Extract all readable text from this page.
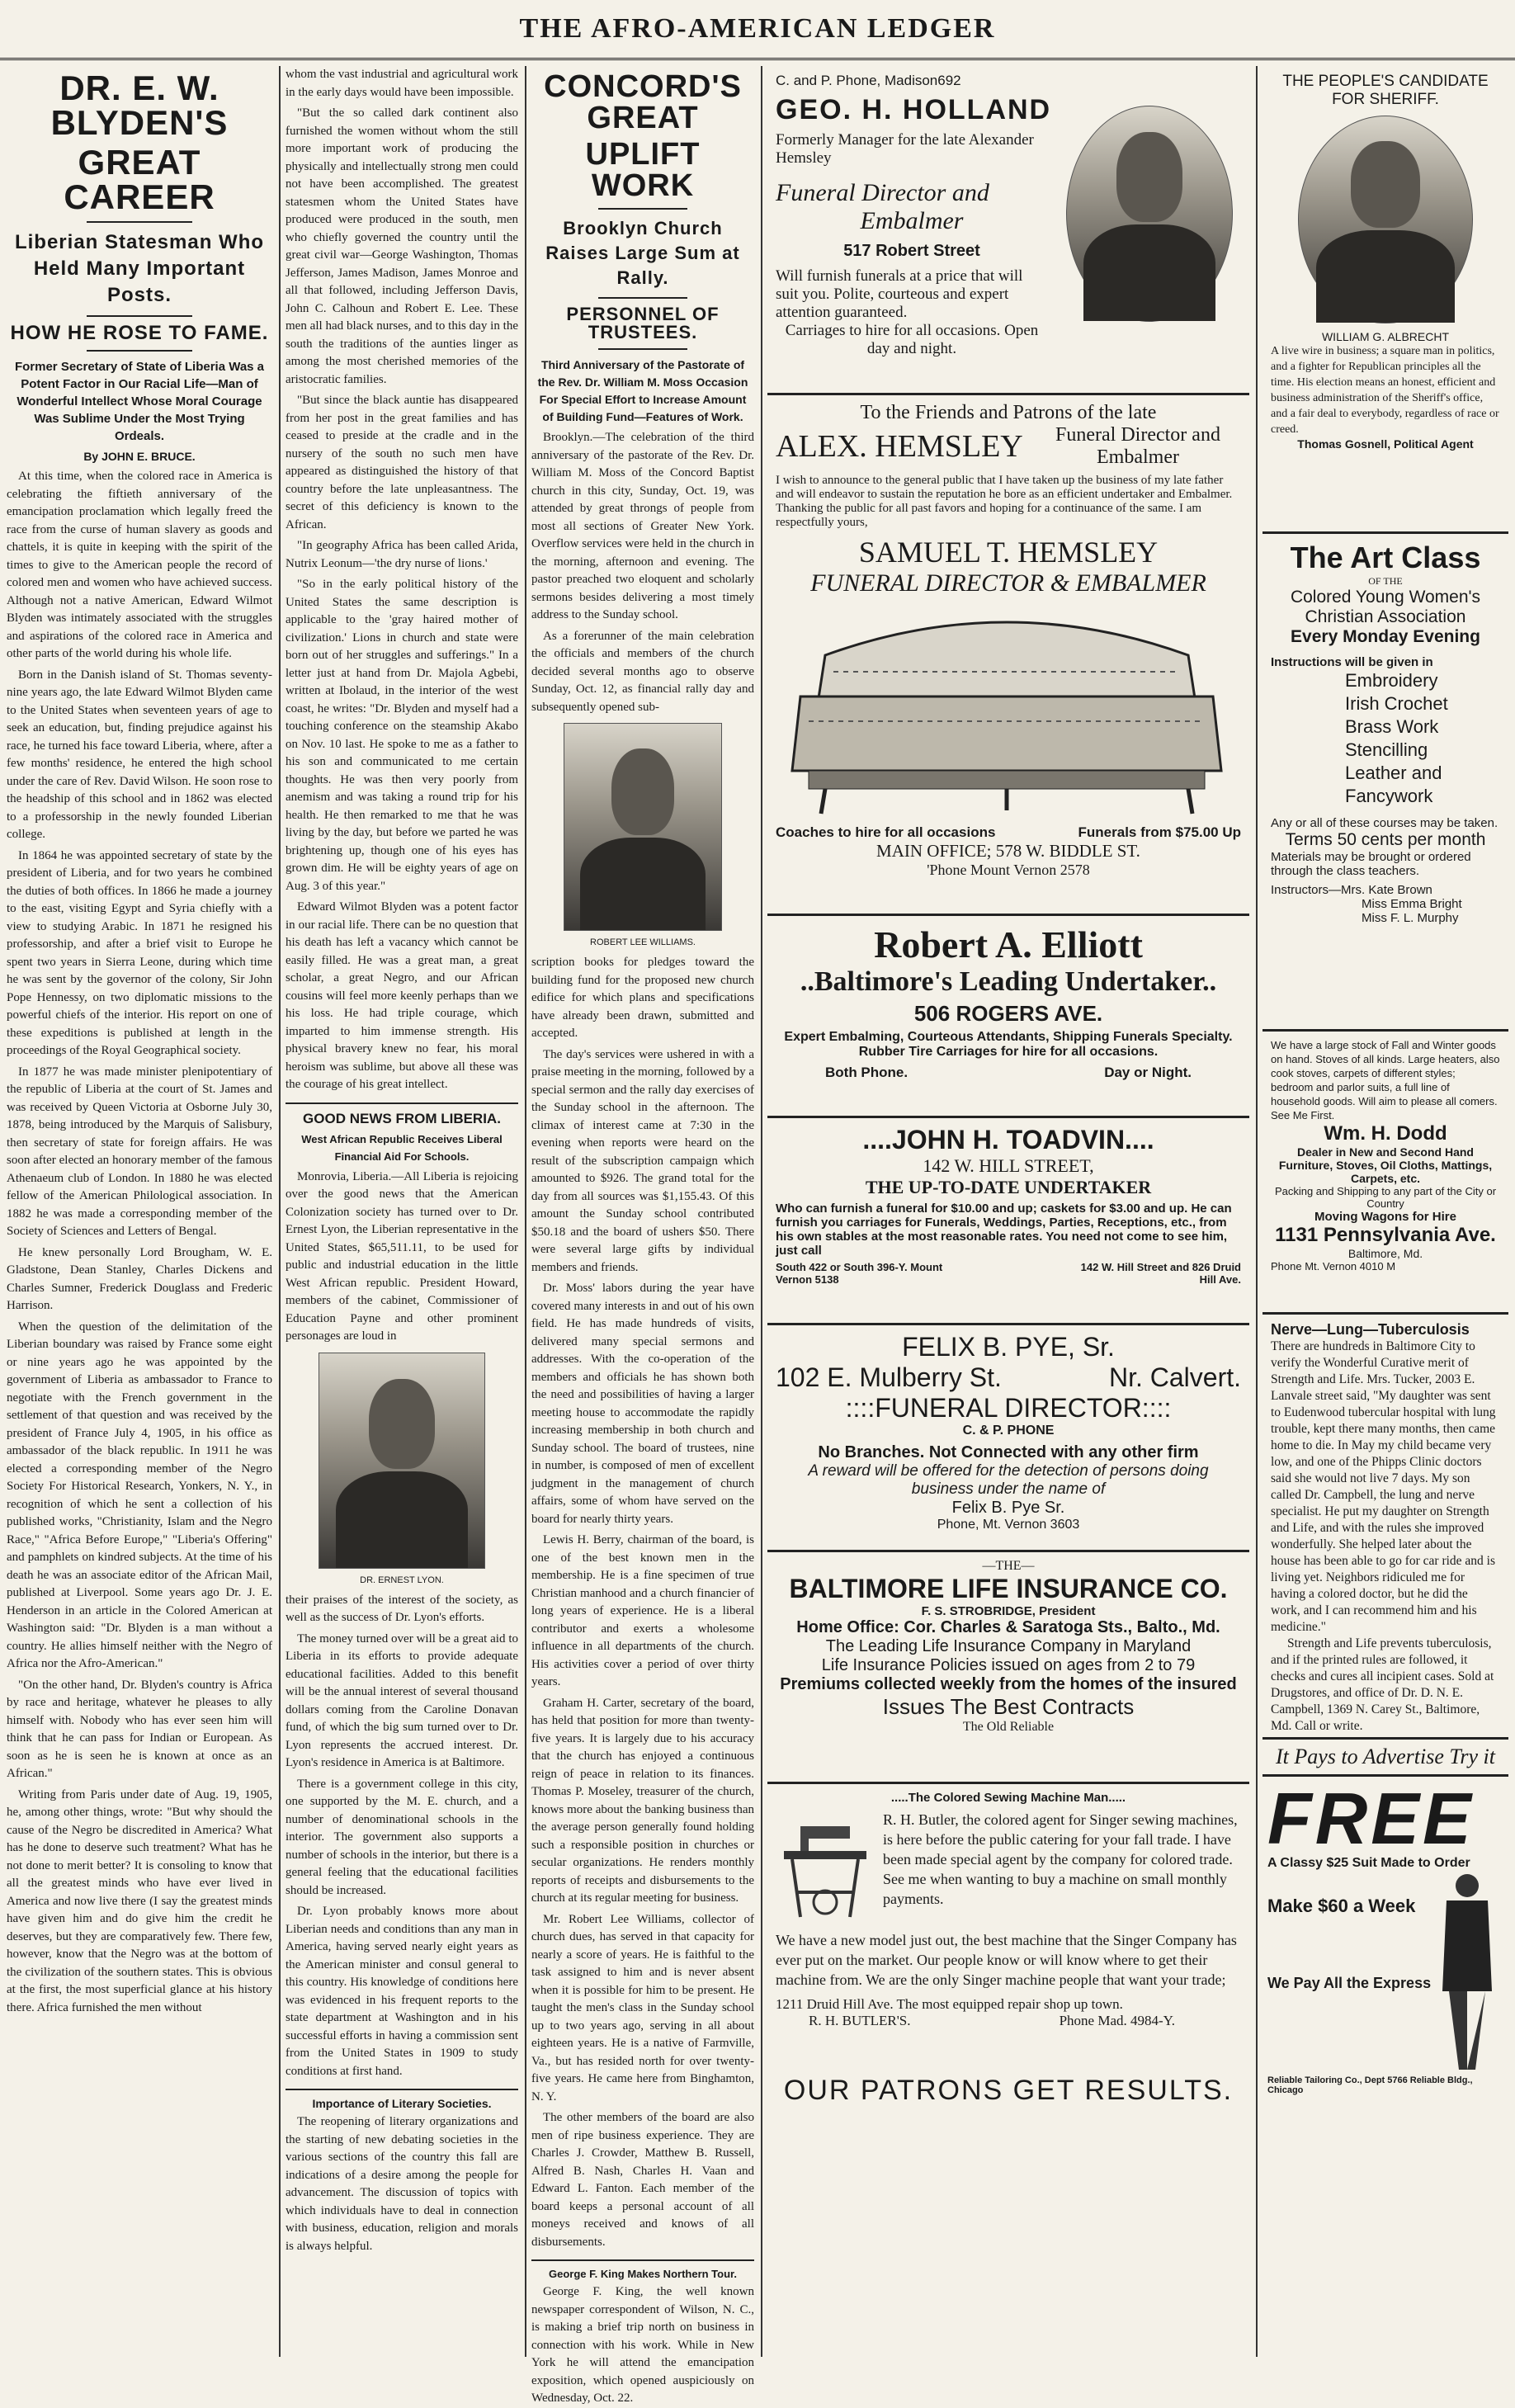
THE AFRO-AMERICAN LEDGER
DR. E. W. BLYDEN'S
GREAT CAREER
Liberian Statesman Who Held Many Important Posts.
HOW HE ROSE TO FAME.
Former Secretary of State of Liberia Was a Potent Factor in Our Racial Life—Man of Wonderful Intellect Whose Moral Courage Was Sublime Under the Most Trying Ordeals.
By JOHN E. BRUCE.

At this time, when the colored race in America is celebrating the fiftieth anniversary of the emancipation proclamation which legally freed the race from the curse of human slavery as goods and chattels, it is quite in keeping with the spirit of the times to give to the American people the record of colored men and women who have achieved success. Although not a native American, Edward Wilmot Blyden was intimately associated with the struggles and aspirations of the colored race in America and other parts of the world during his whole life.

Born in the Danish island of St. Thomas seventy-nine years ago, the late Edward Wilmot Blyden came to the United States when seventeen years of age to seek an education, but, finding prejudice against his race, he turned his face toward Liberia, where, after a few months' residence, he entered the high school under the care of Rev. David Wilson. He soon rose to the headship of this school and in 1862 was elected to a professorship in the newly founded Liberian college.

In 1864 he was appointed secretary of state by the president of Liberia, and for two years he combined the duties of both offices. In 1866 he made a journey to the east, visiting Egypt and Syria chiefly with a view to studying Arabic. In 1871 he resigned his professorship, and after a brief visit to Europe he spent two years in Sierra Leone, during which time he was sent by the governor of the colony, Sir John Pope Hennessy, on two diplomatic missions to the powerful chiefs of the interior. His report on one of these expeditions is published at length in the proceedings of the Royal Geographical society.

In 1877 he was made minister plenipotentiary of the republic of Liberia at the court of St. James and was received by Queen Victoria at Osborne July 30, 1878, being introduced by the Marquis of Salisbury, then secretary of state for foreign affairs. He was soon after elected an honorary member of the famous Athenaeum club of London. In 1880 he was elected fellow of the American Philological association. In 1882 he was made a corresponding member of the Society of Sciences and Letters of Bengal.

He knew personally Lord Brougham, W. E. Gladstone, Dean Stanley, Charles Dickens and Charles Sumner, Frederick Douglass and Frederic Harrison.

When the question of the delimitation of the Liberian boundary was raised by France some eight or nine years ago he was appointed by the government of Liberia as ambassador to France to negotiate with the French government in the settlement of that question and was received by the president of France July 4, 1905, in his office as ambassador of the black republic. In 1911 he was elected a corresponding member of the Negro Society For Historical Research, Yonkers, N. Y., in recognition of which he sent a collection of his published works, "Christianity, Islam and the Negro Race," "Africa Before Europe," "Liberia's Offering" and pamphlets on kindred subjects. At the time of his death he was an associate editor of the African Mail, published at Liverpool. Some years ago Dr. J. E. Henderson in an article in the Colored American at Washington said: "Dr. Blyden is a man without a country. He allies himself neither with the Negro of Africa nor the Afro-American."

"On the other hand, Dr. Blyden's country is Africa by race and heritage, whatever he pleases to ally himself with. Nobody who has ever seen him will think that he can pass for Indian or European. As soon as he is seen he is known at once as an African."

Writing from Paris under date of Aug. 19, 1905, he, among other things, wrote: "But why should the cause of the Negro be discredited in America? What has he done to deserve such treatment? What has he not done to merit better? It is consoling to know that all the greatest minds who have ever lived in America and now live there (I say the greatest minds have given him and do give him the credit he deserves, but they are comparatively few. There few, however, know that the Negro was at the bottom of the civilization of the southern states. This is obvious at the first, the most superficial glance at his history there. Africa furnished the men without

whom the vast industrial and agricultural work in the early days would have been impossible.

"But the so called dark continent also furnished the women without whom the still more important work of producing the physically and intellectually strong men could not have been accomplished. The greatest statesmen whom the United States have produced were produced in the south, men who chiefly governed the country until the great civil war—George Washington, Thomas Jefferson, James Madison, James Monroe and all that followed, including Jefferson Davis, John C. Calhoun and Robert E. Lee. These men all had black nurses, and to this day in the south the traditions of the aunties linger as among the most cherished memories of the aristocratic families.

"But since the black auntie has disappeared from her post in the great families and has ceased to preside at the cradle and in the nursery of the south no such men have appeared as distinguished the history of that country before the late unpleasantness. The secret of this deficiency is known to the African.

"In geography Africa has been called Arida, Nutrix Leonum—'the dry nurse of lions.'

"So in the early political history of the United States the same description is applicable to the 'gray haired mother of civilization.' Lions in church and state were born out of her struggles and sufferings." In a letter just at hand from Dr. Majola Agbebi, written at Ibolaud, in the interior of the west coast, he writes: "Dr. Blyden and myself had a touching conference on the steamship Akabo on Nov. 10 last. He spoke to me as a father to his son and communicated to me certain thoughts. He was then very poorly from anemism and was taking a round trip for his health. He then remarked to me that he was living by the day, but before we parted he was brightening up, though one of his eyes has grown dim. He will be eighty years of age on Aug. 3 of this year."

Edward Wilmot Blyden was a potent factor in our racial life. There can be no question that his death has left a vacancy which cannot be easily filled. He was a great man, a great scholar, a great Negro, and our African cousins will feel more keenly perhaps than we his loss. He had triple courage, which imparted to him immense strength. His physical bravery knew no fear, his moral heroism was sublime, but above all these was the courage of his great intellect.

GOOD NEWS FROM LIBERIA.
West African Republic Receives Liberal Financial Aid For Schools.

Monrovia, Liberia.—All Liberia is rejoicing over the good news that the American Colonization society has turned over to Dr. Ernest Lyon, the Liberian representative in the United States, $65,511.11, to be used for public and industrial education in the little West African republic. President Howard, members of the cabinet, Commissioner of Education Payne and other prominent personages are loud in

DR. ERNEST LYON.

their praises of the interest of the society, as well as the success of Dr. Lyon's efforts.

The money turned over will be a great aid to Liberia in its efforts to provide adequate educational facilities. Added to this benefit will be the annual interest of several thousand dollars coming from the Caroline Donavan fund, of which the big sum turned over to Dr. Lyon represents the accrued interest. Dr. Lyon's residence in America is at Baltimore.

There is a government college in this city, one supported by the M. E. church, and a number of denominational schools in the interior. The government also supports a number of schools in the interior, but there is a general feeling that the educational facilities should be increased.

Dr. Lyon probably knows more about Liberian needs and conditions than any man in America, having served nearly eight years as the American minister and consul general to this country. His knowledge of conditions here was evidenced in his frequent reports to the state department at Washington and in his successful efforts in having a commission sent from the United States in 1909 to study conditions at first hand.

Importance of Literary Societies.

The reopening of literary organizations and the starting of new debating societies in the various sections of the country this fall are indications of a desire among the people for advancement. The discussion of topics with which individuals have to deal in connection with business, education, religion and morals is always helpful.

CONCORD'S GREAT
UPLIFT WORK
Brooklyn Church Raises Large Sum at Rally.
PERSONNEL OF TRUSTEES.
Third Anniversary of the Pastorate of the Rev. Dr. William M. Moss Occasion For Special Effort to Increase Amount of Building Fund—Features of Work.

Brooklyn.—The celebration of the third anniversary of the pastorate of the Rev. Dr. William M. Moss of the Concord Baptist church in this city, Sunday, Oct. 19, was attended by great throngs of people from most all sections of Greater New York. Overflow services were held in the church in the morning, afternoon and evening. The pastor preached two eloquent and scholarly sermons besides delivering a most timely address to the Sunday school.

As a forerunner of the main celebration the officials and members of the church decided several months ago to observe Sunday, Oct. 12, as financial rally day and subsequently opened sub-

ROBERT LEE WILLIAMS.

scription books for pledges toward the building fund for the proposed new church edifice for which plans and specifications have already been drawn, submitted and accepted.

The day's services were ushered in with a praise meeting in the morning, followed by a special sermon and the rally day exercises of the Sunday school in the afternoon. The climax of interest came at 7:30 in the evening when reports were heard on the result of the subscription campaign which amounted to $926. The grand total for the day from all sources was $1,155.43. Of this amount the Sunday school contributed $50.18 and the board of ushers $50. There were several large gifts by individual members and friends.

Dr. Moss' labors during the year have covered many interests in and out of his own field. He has made hundreds of visits, delivered many special sermons and addresses. With the co-operation of the members and officials he has shown both the need and possibilities of having a larger meeting house to accommodate the rapidly increasing membership in both church and Sunday school. The board of trustees, nine in number, is composed of men of excellent judgment in the management of church affairs, some of whom have served on the board for nearly thirty years.

Lewis H. Berry, chairman of the board, is one of the best known men in the membership. He is a fine specimen of true Christian manhood and a church financier of long years of experience. He is a liberal contributor and exerts a wholesome influence in all departments of the church. His activities cover a period of over thirty years.

Graham H. Carter, secretary of the board, has held that position for more than twenty-five years. It is largely due to his accuracy that the church has enjoyed a continuous reign of peace in relation to its finances. Thomas P. Moseley, treasurer of the church, knows more about the banking business than the average person generally found holding such a responsible position in churches or secular organizations. He renders monthly reports of receipts and disbursements to the church at its regular meeting for business.

Mr. Robert Lee Williams, collector of church dues, has served in that capacity for nearly a score of years. He is faithful to the task assigned to him and is never absent when it is possible for him to be present. He taught the men's class in the Sunday school up to two years ago, serving in all about eighteen years. He is a native of Farmville, Va., but has resided north for over twenty-five years. He came here from Binghamton, N. Y.

The other members of the board are also men of ripe business experience. They are Charles J. Crowder, Matthew B. Russell, Alfred B. Nash, Charles H. Vaan and Edward L. Fanton. Each member of the board keeps a personal account of all moneys received and knows of all disbursements.

George F. King Makes Northern Tour.

George F. King, the well known newspaper correspondent of Wilson, N. C., is making a brief trip north on business in connection with his work. While in New York he will attend the emancipation exposition, which opened auspiciously on Wednesday, Oct. 22.

C. and P. Phone, Madison692
GEO. H. HOLLAND
Formerly Manager for the late Alexander Hemsley
Funeral Director and
Embalmer
517 Robert Street
Will furnish funerals at a price that will suit you. Polite, courteous and expert attention guaranteed.
Carriages to hire for all occasions. Open day and night.
To the Friends and Patrons of the late
ALEX. HEMSLEY	Funeral Director and Embalmer
I wish to announce to the general public that I have taken up the business of my late father and will endeavor to sustain the reputation he bore as an efficient undertaker and Embalmer. Thanking the public for all past favors and hoping for a continuance of the same. I am respectfully yours,
SAMUEL T. HEMSLEY
FUNERAL DIRECTOR & EMBALMER
Coaches to hire for all occasions	Funerals from $75.00 Up
MAIN OFFICE; 578 W. BIDDLE ST.
'Phone Mount Vernon 2578
Robert A. Elliott
..Baltimore's Leading Undertaker..
506 ROGERS AVE.
Expert Embalming, Courteous Attendants, Shipping Funerals Specialty. Rubber Tire Carriages for hire for all occasions.
Both Phone.	Day or Night.
....JOHN H. TOADVIN....
142 W. HILL STREET,
THE UP-TO-DATE UNDERTAKER
Who can furnish a funeral for $10.00 and up; caskets for $3.00 and up. He can furnish you carriages for Funerals, Weddings, Parties, Receptions, etc., from his own stables at the most reasonable rates. You need not come to see him, just call
South 422 or South 396-Y. Mount Vernon 5138
142 W. Hill Street and 826 Druid Hill Ave.
FELIX B. PYE, Sr.
102 E. Mulberry St.	Nr. Calvert.
::::FUNERAL DIRECTOR::::
C. & P. PHONE
No Branches. Not Connected with any other firm
A reward will be offered for the detection of persons doing business under the name of
Felix B. Pye Sr.
Phone, Mt. Vernon 3603
—THE—
BALTIMORE LIFE INSURANCE CO.
F. S. STROBRIDGE, President
Home Office: Cor. Charles & Saratoga Sts., Balto., Md.
The Leading Life Insurance Company in Maryland
Life Insurance Policies issued on ages from 2 to 79
Premiums collected weekly from the homes of the insured
Issues The Best Contracts
The Old Reliable
.....The Colored Sewing Machine Man.....
R. H. Butler, the colored agent for Singer sewing machines, is here before the public catering for your fall trade. I have been made special agent by the company for colored trade. See me when wanting to buy a machine on small monthly payments.
We have a new model just out, the best machine that the Singer Company has ever put on the market. Our people know or will know where to get their machine from. We are the only Singer machine people that want your trade;
1211 Druid Hill Ave. The most equipped repair shop up town.
R. H. BUTLER'S.	Phone Mad. 4984-Y.
OUR PATRONS GET RESULTS.
THE PEOPLE'S CANDIDATE FOR SHERIFF.
WILLIAM G. ALBRECHT
A live wire in business; a square man in politics, and a fighter for Republican principles all the time. His election means an honest, efficient and business administration of the Sheriff's office, and a fair deal to everybody, regardless of race or creed.
Thomas Gosnell, Political Agent
The Art Class
OF THE
Colored Young Women's Christian Association
Every Monday Evening
Instructions will be given in
Embroidery
Irish Crochet
Brass Work
Stencilling
Leather and Fancywork
Any or all of these courses may be taken.
Terms 50 cents per month
Materials may be brought or ordered through the class teachers.
Instructors—Mrs. Kate Brown
Miss Emma Bright
Miss F. L. Murphy
We have a large stock of Fall and Winter goods on hand. Stoves of all kinds. Large heaters, also cook stoves, carpets of different styles; bedroom and parlor suits, a full line of household goods. Will aim to please all comers. See Me First.
Wm. H. Dodd
Dealer in New and Second Hand Furniture, Stoves, Oil Cloths, Mattings, Carpets, etc.
Packing and Shipping to any part of the City or Country
Moving Wagons for Hire
1131 Pennsylvania Ave.
Baltimore, Md.
Phone Mt. Vernon 4010 M
Nerve—Lung—Tuberculosis
There are hundreds in Baltimore City to verify the Wonderful Curative merit of Strength and Life. Mrs. Tucker, 2003 E. Lanvale street said, "My daughter was sent to Eudenwood tubercular hospital with lung trouble, kept there many months, then came home to die. In May my child became very low, and one of the Phipps Clinic doctors said she would not live 7 days. My son called Dr. Campbell, the lung and nerve specialist. He put my daughter on Strength and Life, and with the rules she improved wonderfully. She helped later about the house has been able to go for car ride and is living yet. Neighbors ridiculed me for having a colored doctor, but he did the work, and I can recommend him and his medicine."
Strength and Life prevents tuberculosis, and if the printed rules are followed, it checks and cures all incipient cases. Sold at Drugstores, and office of Dr. D. N. E. Campbell, 1369 N. Carey St., Baltimore, Md. Call or write.
It Pays to Advertise Try it
FREE
A Classy $25 Suit Made to Order
Make $60 a Week
We Pay All the Express
Reliable Tailoring Co., Dept 5766 Reliable Bldg., Chicago
